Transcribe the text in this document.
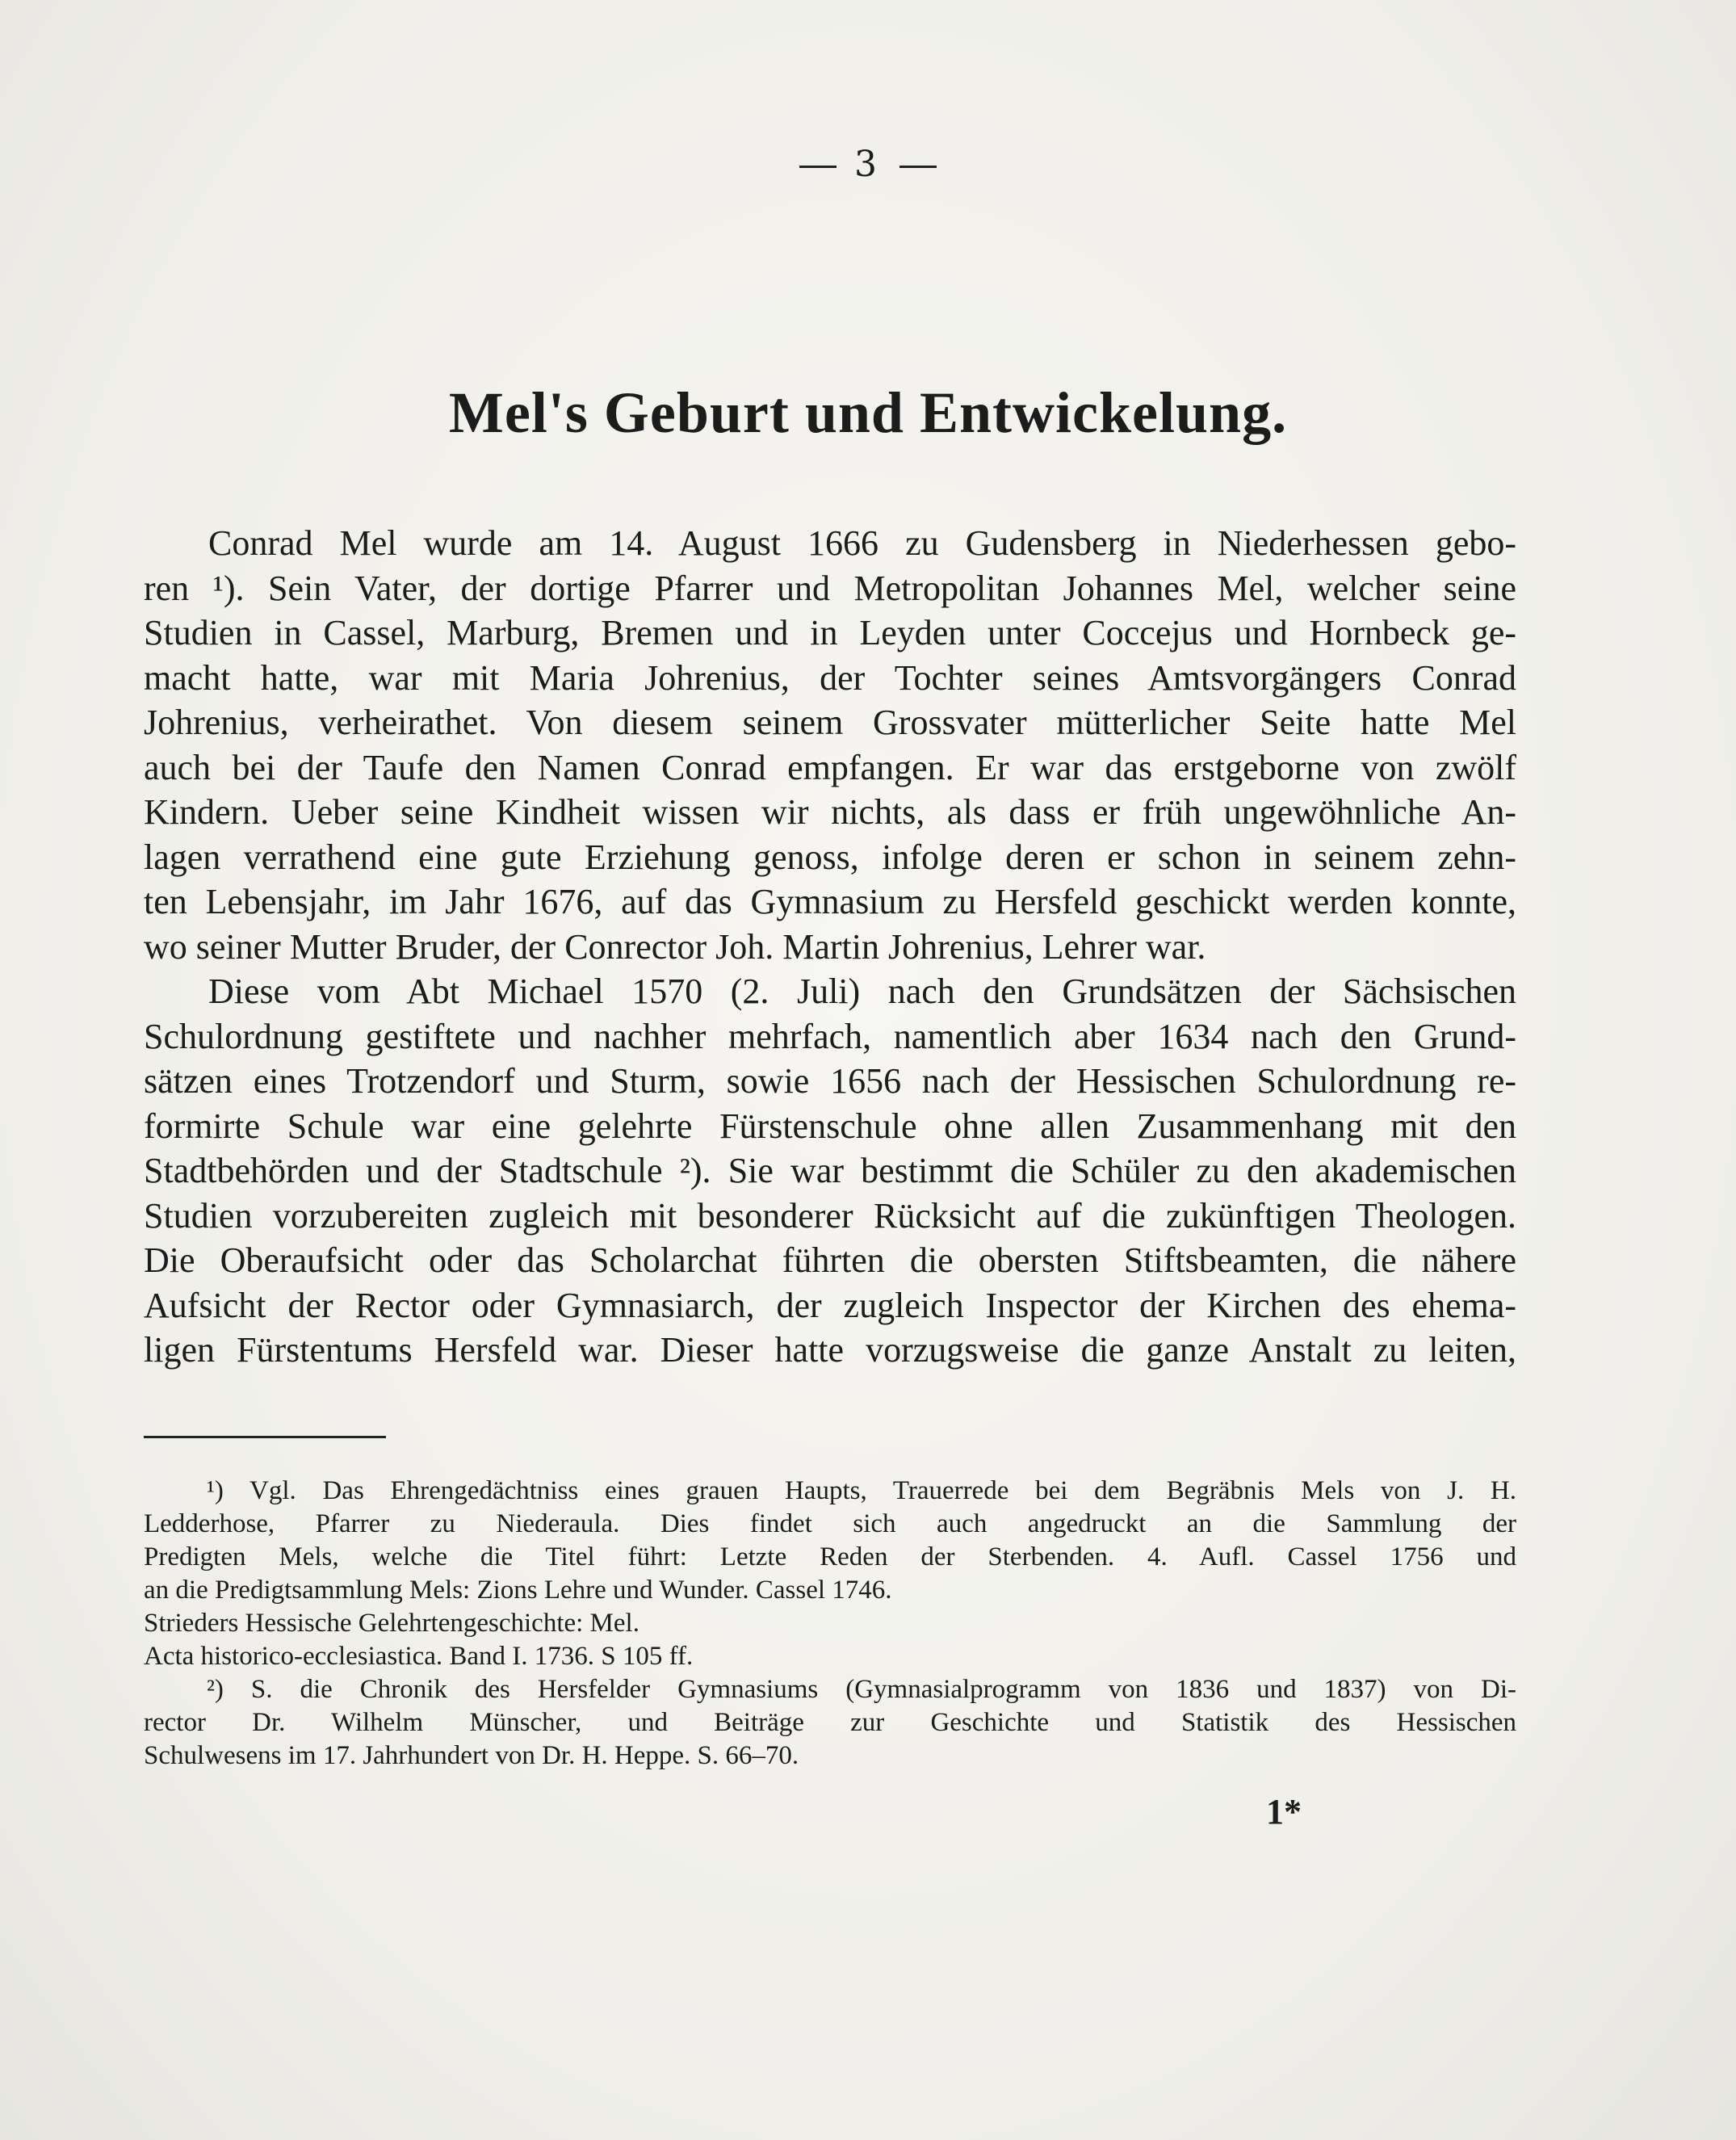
3
Mel's Geburt und Entwickelung.
Conrad Mel wurde am 14. August 1666 zu Gudensberg in Niederhessen gebo-
ren ¹). Sein Vater, der dortige Pfarrer und Metropolitan Johannes Mel, welcher seine
Studien in Cassel, Marburg, Bremen und in Leyden unter Coccejus und Hornbeck ge-
macht hatte, war mit Maria Johrenius, der Tochter seines Amtsvorgängers Conrad
Johrenius, verheirathet. Von diesem seinem Grossvater mütterlicher Seite hatte Mel
auch bei der Taufe den Namen Conrad empfangen. Er war das erstgeborne von zwölf
Kindern. Ueber seine Kindheit wissen wir nichts, als dass er früh ungewöhnliche An-
lagen verrathend eine gute Erziehung genoss, infolge deren er schon in seinem zehn-
ten Lebensjahr, im Jahr 1676, auf das Gymnasium zu Hersfeld geschickt werden konnte,
wo seiner Mutter Bruder, der Conrector Joh. Martin Johrenius, Lehrer war.
Diese vom Abt Michael 1570 (2. Juli) nach den Grundsätzen der Sächsischen
Schulordnung gestiftete und nachher mehrfach, namentlich aber 1634 nach den Grund-
sätzen eines Trotzendorf und Sturm, sowie 1656 nach der Hessischen Schulordnung re-
formirte Schule war eine gelehrte Fürstenschule ohne allen Zusammenhang mit den
Stadtbehörden und der Stadtschule ²). Sie war bestimmt die Schüler zu den akademischen
Studien vorzubereiten zugleich mit besonderer Rücksicht auf die zukünftigen Theologen.
Die Oberaufsicht oder das Scholarchat führten die obersten Stiftsbeamten, die nähere
Aufsicht der Rector oder Gymnasiarch, der zugleich Inspector der Kirchen des ehema-
ligen Fürstentums Hersfeld war. Dieser hatte vorzugsweise die ganze Anstalt zu leiten,
¹) Vgl. Das Ehrengedächtniss eines grauen Haupts, Trauerrede bei dem Begräbnis Mels von J. H.
Ledderhose, Pfarrer zu Niederaula. Dies findet sich auch angedruckt an die Sammlung der
Predigten Mels, welche die Titel führt: Letzte Reden der Sterbenden. 4. Aufl. Cassel 1756 und
an die Predigtsammlung Mels: Zions Lehre und Wunder. Cassel 1746.
Strieders Hessische Gelehrtengeschichte: Mel.
Acta historico-ecclesiastica. Band I. 1736. S 105 ff.
²) S. die Chronik des Hersfelder Gymnasiums (Gymnasialprogramm von 1836 und 1837) von Di-
rector Dr. Wilhelm Münscher, und Beiträge zur Geschichte und Statistik des Hessischen
Schulwesens im 17. Jahrhundert von Dr. H. Heppe. S. 66–70.
1*
